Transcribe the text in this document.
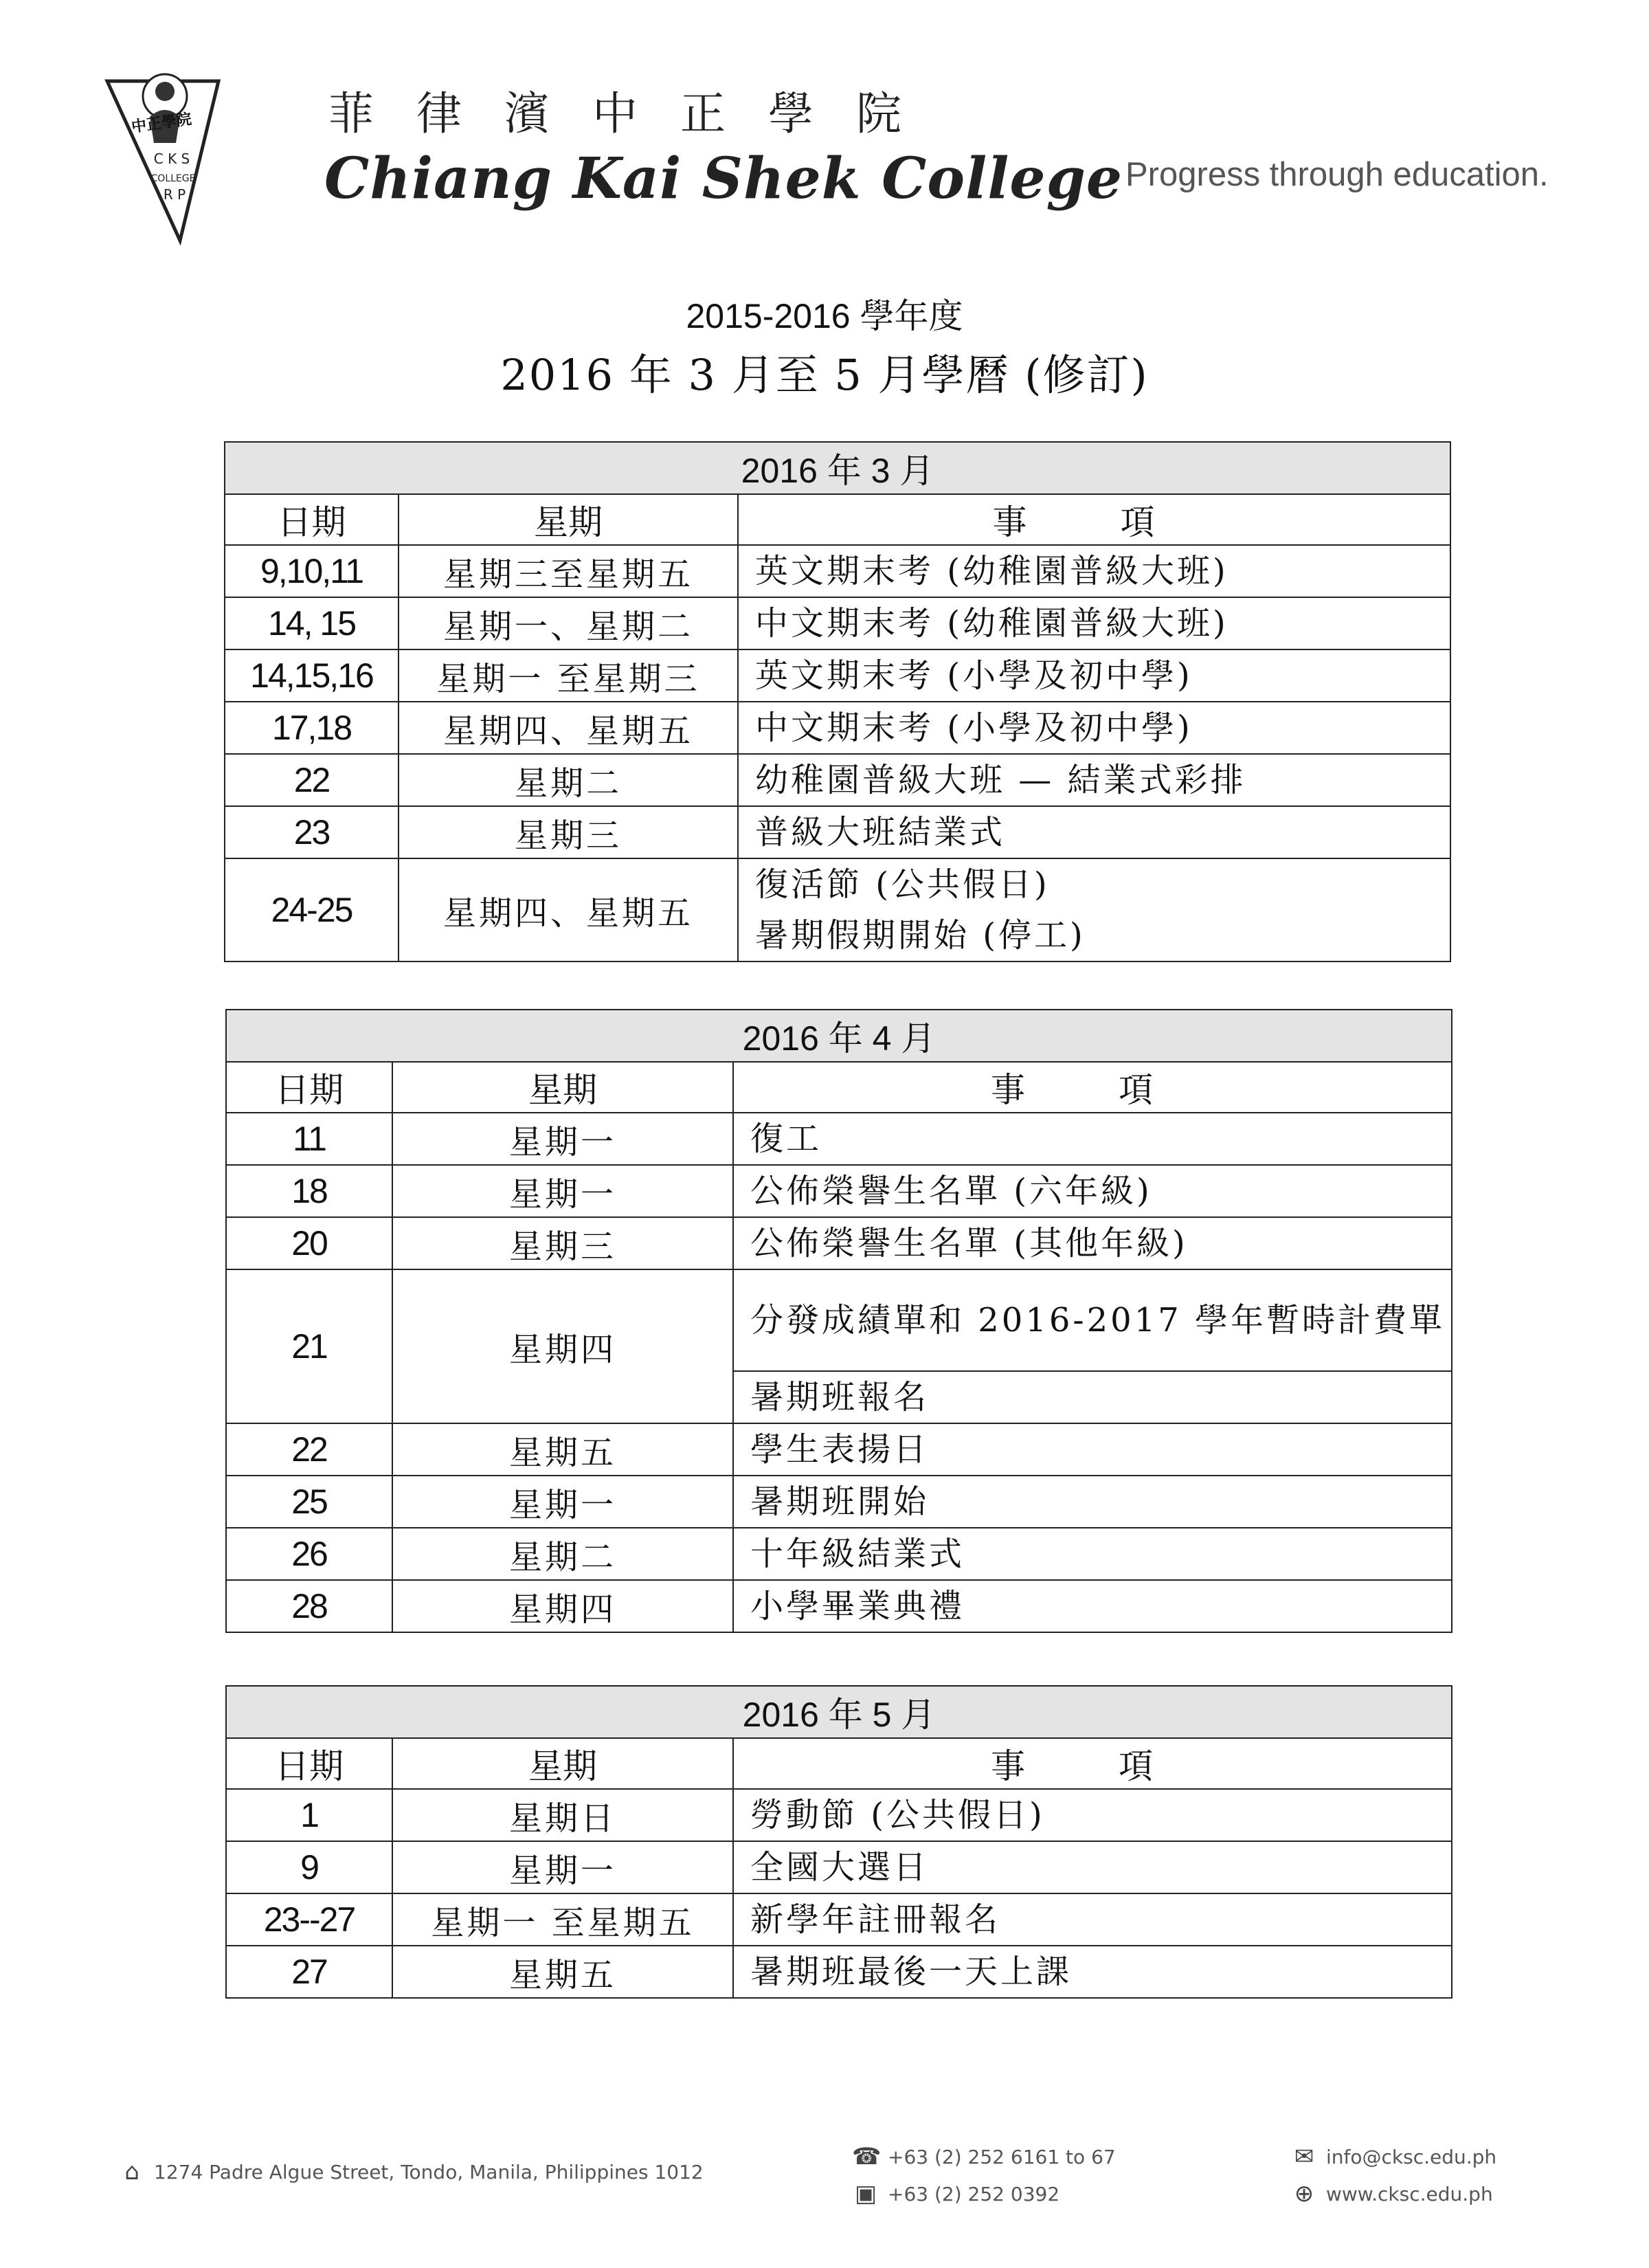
C K S
COLLEGE
R P
中正學院	菲律濱中正學院
Chiang Kai Shek College Progress through education.
2015-2016 學年度
2016 年 3 月至 5 月學曆 (修訂)
2016 年 3 月		
日期	星期	事 項
9,10,11	星期三至星期五	英文期末考 (幼稚園普級大班)
14, 15	星期一、星期二	中文期末考 (幼稚園普級大班)
14,15,16	星期一 至星期三	英文期末考 (小學及初中學)
17,18	星期四、星期五	中文期末考 (小學及初中學)
22	星期二	幼稚園普級大班 — 結業式彩排
23	星期三	普級大班結業式
24-25	星期四、星期五	復活節 (公共假日)
暑期假期開始 (停工)
2016 年 4 月		
日期	星期	事 項
11	星期一	復工
18	星期一	公佈榮譽生名單 (六年級)
20	星期三	公佈榮譽生名單 (其他年級)
21	星期四	分發成績單和 2016-2017 學年暫時計費單
		暑期班報名
22	星期五	學生表揚日
25	星期一	暑期班開始
26	星期二	十年級結業式
28	星期四	小學畢業典禮
2016 年 5 月		
日期	星期	事 項
1	星期日	勞動節 (公共假日)
9	星期一	全國大選日
23--27	星期一 至星期五	新學年註冊報名
27	星期五	暑期班最後一天上課
⌂ 1274 Padre Algue Street, Tondo, Manila, Philippines 1012
☎ +63 (2) 252 6161 to 67
▣ +63 (2) 252 0392
✉ info@cksc.edu.ph
⊕ www.cksc.edu.ph
